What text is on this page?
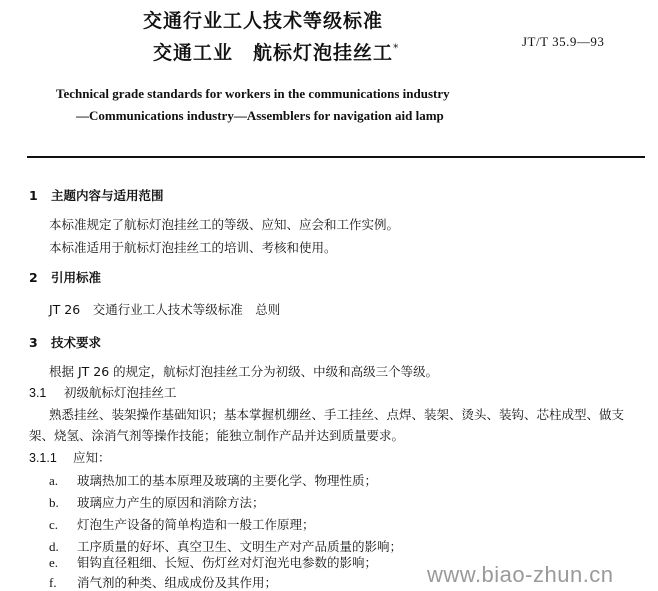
交通行业工人技术等级标准
交通工业　航标灯泡挂丝工*	JT/T 35.9—93
Technical grade standards for workers in the communications industry
—Communications industry—Assemblers for navigation aid lamp
1 主题内容与适用范围
本标准规定了航标灯泡挂丝工的等级、应知、应会和工作实例。
本标准适用于航标灯泡挂丝工的培训、考核和使用。
2 引用标准
JT 26　交通行业工人技术等级标准　总则
3 技术要求
根据 JT 26 的规定，航标灯泡挂丝工分为初级、中级和高级三个等级。
3.1 初级航标灯泡挂丝工
熟悉挂丝、装架操作基础知识；基本掌握机绷丝、手工挂丝、点焊、装架、烫头、装钩、芯柱成型、做支
架、烧氢、涂消气剂等操作技能；能独立制作产品并达到质量要求。
3.1.1 应知：
a. 玻璃热加工的基本原理及玻璃的主要化学、物理性质；
b. 玻璃应力产生的原因和消除方法；
c. 灯泡生产设备的简单构造和一般工作原理；
d. 工序质量的好坏、真空卫生、文明生产对产品质量的影响；
e. 钼钩直径粗细、长短、伤灯丝对灯泡光电参数的影响；
f. 消气剂的种类、组成成份及其作用；	www.biao-zhun.cn
